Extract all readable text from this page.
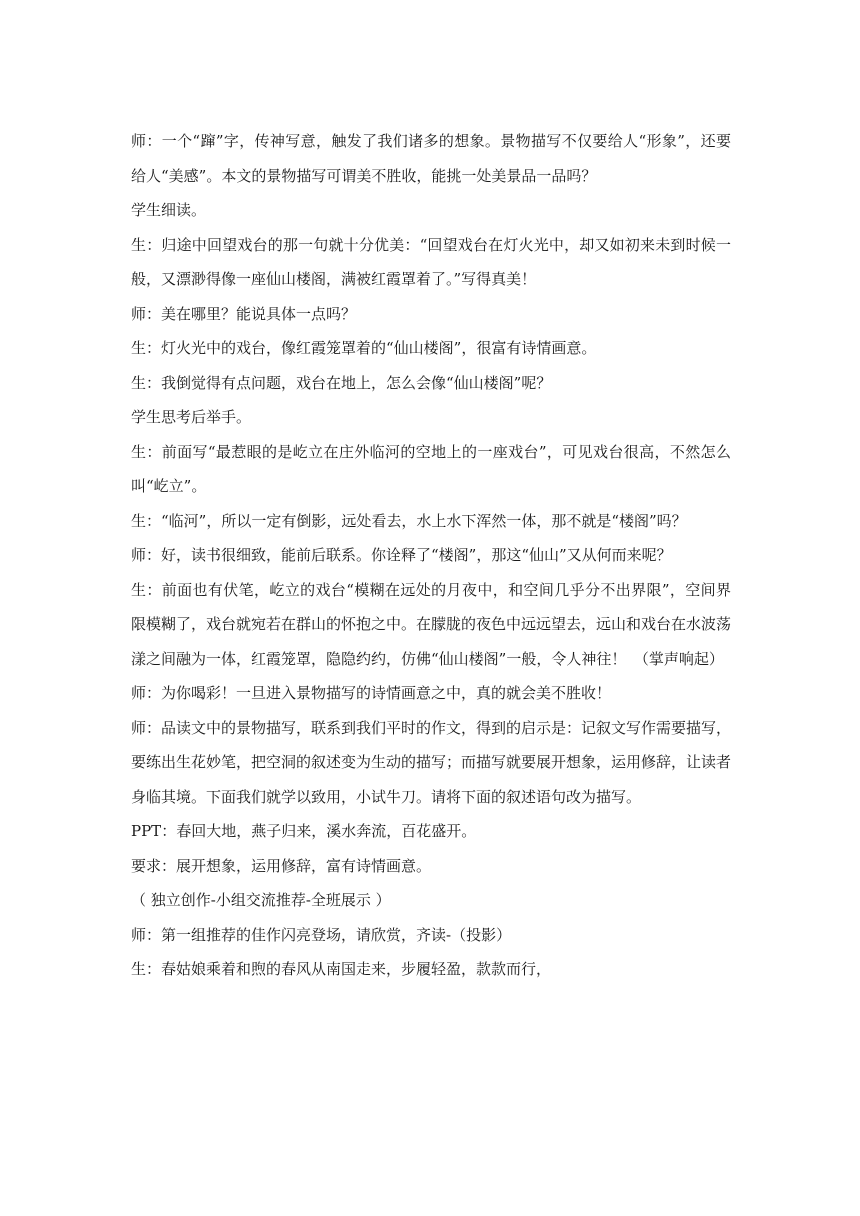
师：一个“蹿”字，传神写意，触发了我们诸多的想象。景物描写不仅要给人“形象”，还要给人“美感”。本文的景物描写可谓美不胜收，能挑一处美景品一品吗？

学生细读。

生：归途中回望戏台的那一句就十分优美：“回望戏台在灯火光中，却又如初来未到时候一般，又漂渺得像一座仙山楼阁，满被红霞罩着了。”写得真美！

师：美在哪里？能说具体一点吗？

生：灯火光中的戏台，像红霞笼罩着的“仙山楼阁”，很富有诗情画意。

生：我倒觉得有点问题，戏台在地上，怎么会像“仙山楼阁”呢？

学生思考后举手。

生：前面写“最惹眼的是屹立在庄外临河的空地上的一座戏台”，可见戏台很高，不然怎么叫“屹立”。

生：“临河”，所以一定有倒影，远处看去，水上水下浑然一体，那不就是“楼阁”吗？

师：好，读书很细致，能前后联系。你诠释了“楼阁”，那这“仙山”又从何而来呢？

生：前面也有伏笔，屹立的戏台“模糊在远处的月夜中，和空间几乎分不出界限”，空间界限模糊了，戏台就宛若在群山的怀抱之中。在朦胧的夜色中远远望去，远山和戏台在水波荡漾之间融为一体，红霞笼罩，隐隐约约，仿佛“仙山楼阁”一般，令人神往！　（掌声响起）

师：为你喝彩！一旦进入景物描写的诗情画意之中，真的就会美不胜收！

师：品读文中的景物描写，联系到我们平时的作文，得到的启示是：记叙文写作需要描写，要练出生花妙笔，把空洞的叙述变为生动的描写；而描写就要展开想象，运用修辞，让读者身临其境。下面我们就学以致用，小试牛刀。请将下面的叙述语句改为描写。

PPT：春回大地，燕子归来，溪水奔流，百花盛开。

要求：展开想象，运用修辞，富有诗情画意。

（ 独立创作-小组交流推荐-全班展示 ）

师：第一组推荐的佳作闪亮登场，请欣赏，齐读-（投影）

生：春姑娘乘着和煦的春风从南国走来，步履轻盈，款款而行，
